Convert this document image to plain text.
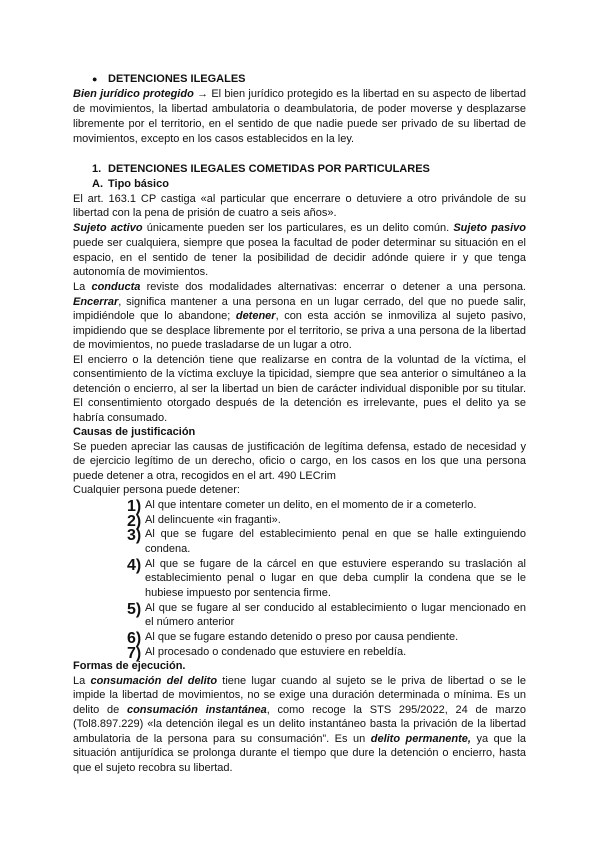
● DETENCIONES ILEGALES
Bien jurídico protegido → El bien jurídico protegido es la libertad en su aspecto de libertad
de movimientos, la libertad ambulatoria o deambulatoria, de poder moverse y desplazarse
libremente por el territorio, en el sentido de que nadie puede ser privado de su libertad de
movimientos, excepto en los casos establecidos en la ley.
1. DETENCIONES ILEGALES COMETIDAS POR PARTICULARES
A. Tipo básico
El art. 163.1 CP castiga «al particular que encerrare o detuviere a otro privándole de su
libertad con la pena de prisión de cuatro a seis años».
Sujeto activo únicamente pueden ser los particulares, es un delito común. Sujeto pasivo
puede ser cualquiera, siempre que posea la facultad de poder determinar su situación en el
espacio, en el sentido de tener la posibilidad de decidir adónde quiere ir y que tenga
autonomía de movimientos.
La conducta reviste dos modalidades alternativas: encerrar o detener a una persona.
Encerrar, significa mantener a una persona en un lugar cerrado, del que no puede salir,
impidiéndole que lo abandone; detener, con esta acción se inmoviliza al sujeto pasivo,
impidiendo que se desplace libremente por el territorio, se priva a una persona de la libertad
de movimientos, no puede trasladarse de un lugar a otro.
El encierro o la detención tiene que realizarse en contra de la voluntad de la víctima, el
consentimiento de la víctima excluye la tipicidad, siempre que sea anterior o simultáneo a la
detención o encierro, al ser la libertad un bien de carácter individual disponible por su titular.
El consentimiento otorgado después de la detención es irrelevante, pues el delito ya se
habría consumado.
Causas de justificación
Se pueden apreciar las causas de justificación de legítima defensa, estado de necesidad y
de ejercicio legítimo de un derecho, oficio o cargo, en los casos en los que una persona
puede detener a otra, recogidos en el art. 490 LECrim
Cualquier persona puede detener:
1) Al que intentare cometer un delito, en el momento de ir a cometerlo.
2) Al delincuente «in fraganti».
3) Al que se fugare del establecimiento penal en que se halle extinguiendo
condena.
4) Al que se fugare de la cárcel en que estuviere esperando su traslación al
establecimiento penal o lugar en que deba cumplir la condena que se le
hubiese impuesto por sentencia firme.
5) Al que se fugare al ser conducido al establecimiento o lugar mencionado en
el número anterior
6) Al que se fugare estando detenido o preso por causa pendiente.
7) Al procesado o condenado que estuviere en rebeldía.
Formas de ejecución.
La consumación del delito tiene lugar cuando al sujeto se le priva de libertad o se le
impide la libertad de movimientos, no se exige una duración determinada o mínima. Es un
delito de consumación instantánea, como recoge la STS 295/2022, 24 de marzo
(Tol8.897.229) «la detención ilegal es un delito instantáneo basta la privación de la libertad
ambulatoria de la persona para su consumación”. Es un delito permanente, ya que la
situación antijurídica se prolonga durante el tiempo que dure la detención o encierro, hasta
que el sujeto recobra su libertad.
